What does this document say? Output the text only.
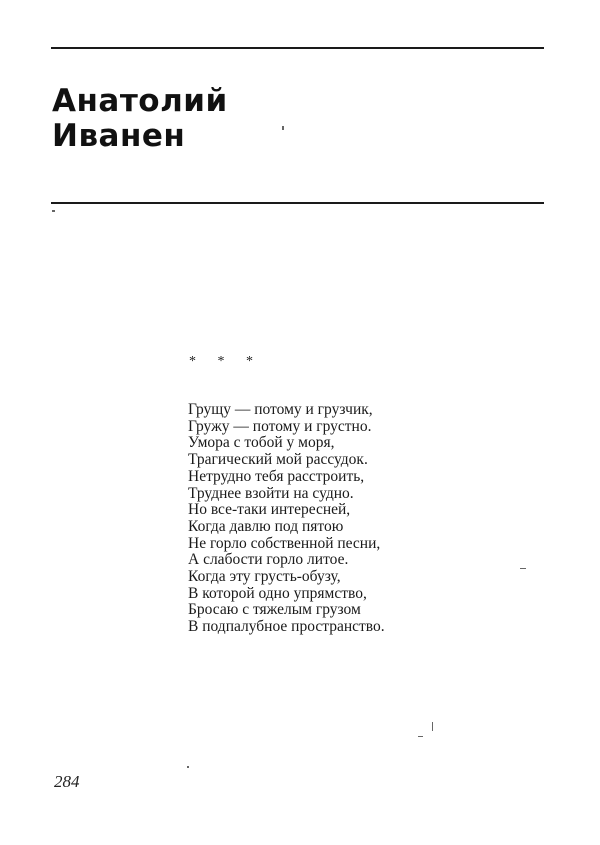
Анатолий
Иванен
* * *
Грущу — потому и грузчик,
Гружу — потому и грустно.
Умора с тобой у моря,
Трагический мой рассудок.
Нетрудно тебя расстроить,
Труднее взойти на судно.
Но все-таки интересней,
Когда давлю под пятою
Не горло собственной песни,
А слабости горло литое.
Когда эту грусть-обузу,
В которой одно упрямство,
Бросаю с тяжелым грузом
В подпалубное пространство.
284
